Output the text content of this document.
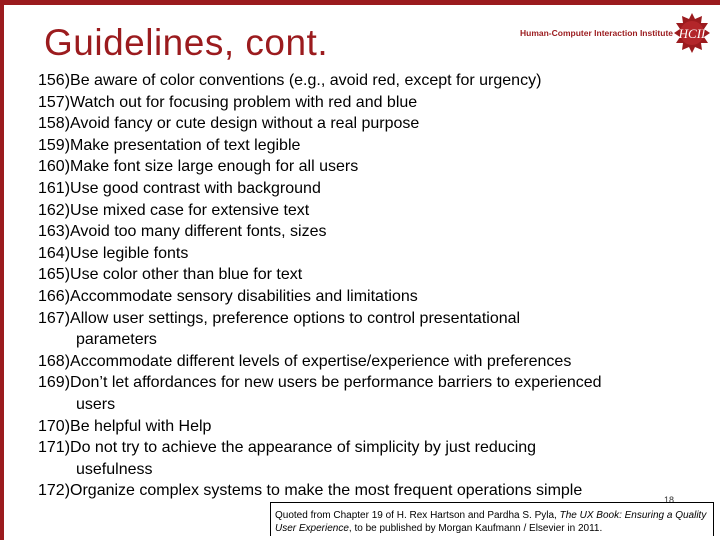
Guidelines, cont.	Human-Computer Interaction Institute HCII
156) Be aware of color conventions (e.g., avoid red, except for urgency)
157) Watch out for focusing problem with red and blue
158) Avoid fancy or cute design without a real purpose
159) Make presentation of text legible
160) Make font size large enough for all users
161) Use good contrast with background
162) Use mixed case for extensive text
163) Avoid too many different fonts, sizes
164) Use legible fonts
165) Use color other than blue for text
166) Accommodate sensory disabilities and limitations
167) Allow user settings, preference options to control presentational
parameters
168) Accommodate different levels of expertise/experience with preferences
169) Don’t let affordances for new users be performance barriers to experienced
users
170) Be helpful with Help
171) Do not try to achieve the appearance of simplicity by just reducing
usefulness
172) Organize complex systems to make the most frequent operations simple
18
Quoted from Chapter 19 of H. Rex Hartson and Pardha S. Pyla, The UX Book: Ensuring a Quality User Experience, to be published by Morgan Kaufmann / Elsevier in 2011.
